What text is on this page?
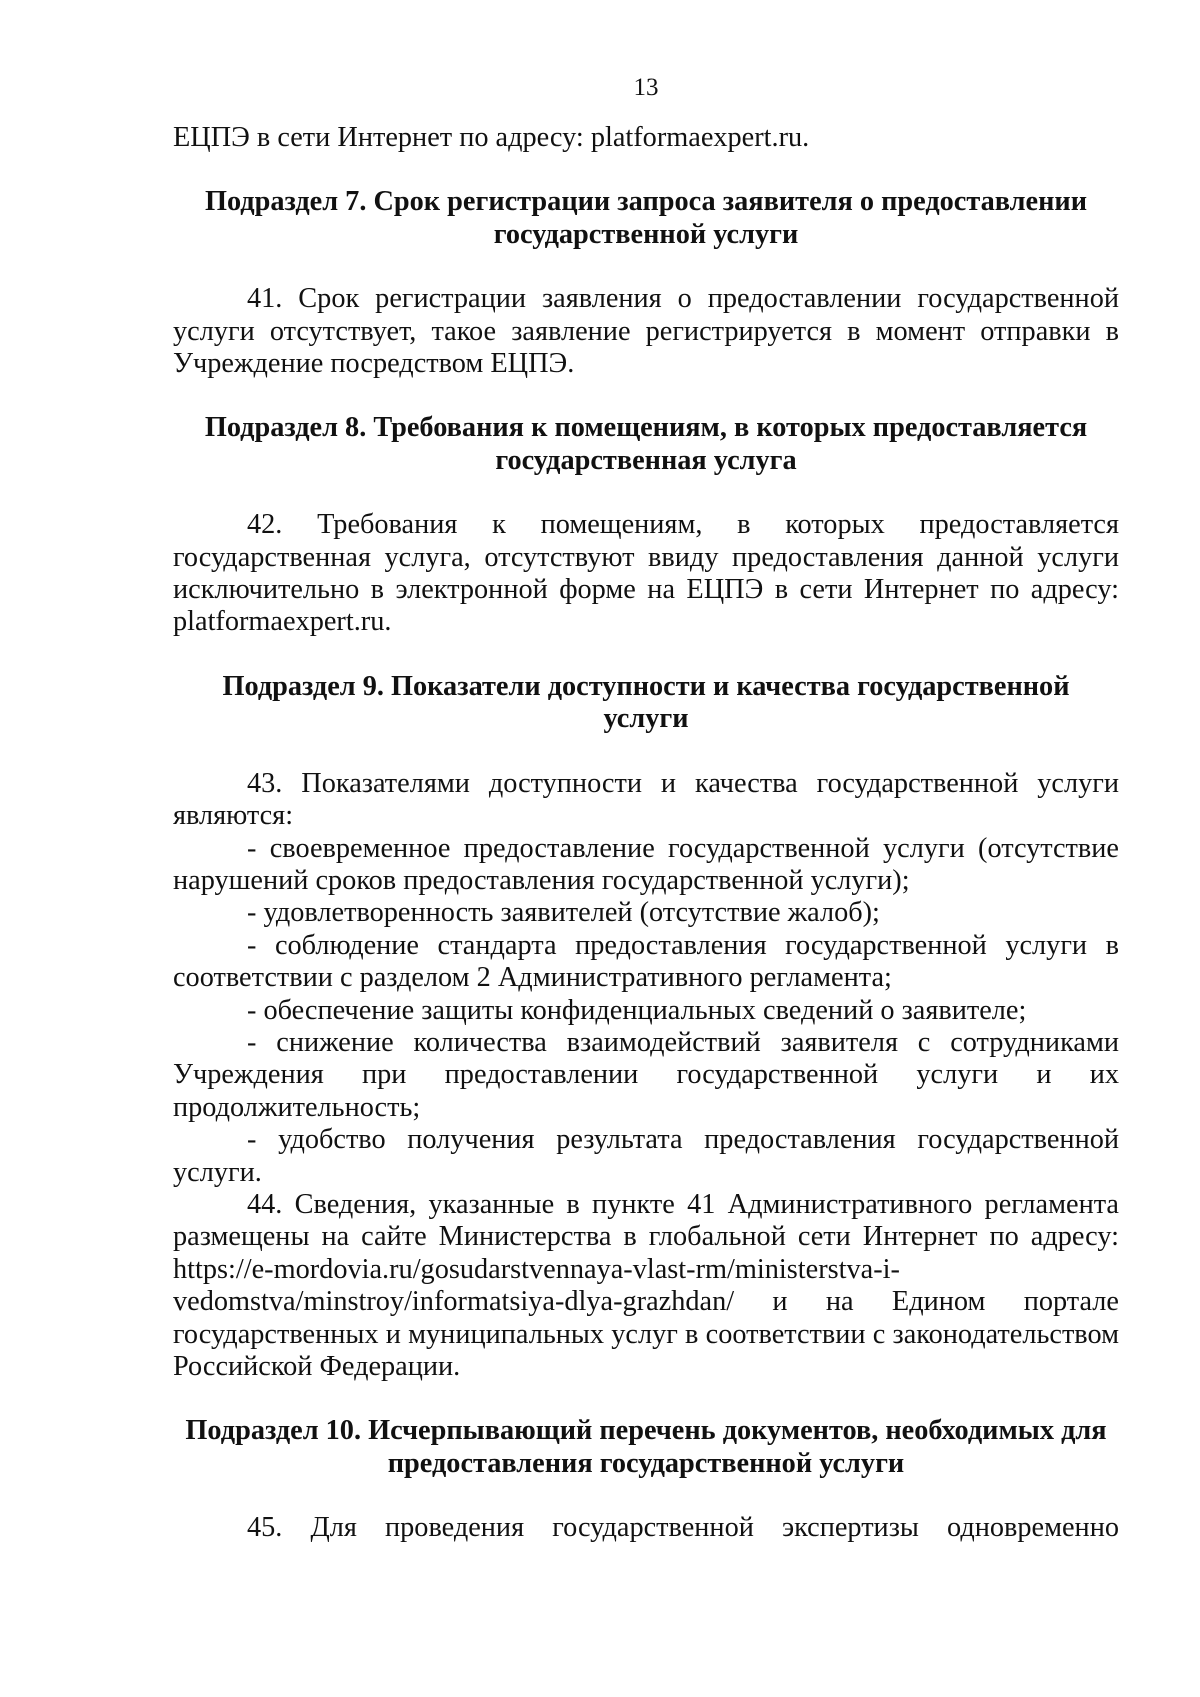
13

ЕЦПЭ в сети Интернет по адресу: platformaexpert.ru.

Подраздел 7. Срок регистрации запроса заявителя о предоставлении

государственной услуги

41. Срок регистрации заявления о предоставлении государственной услуги отсутствует, такое заявление регистрируется в момент отправки в Учреждение посредством ЕЦПЭ.

Подраздел 8. Требования к помещениям, в которых предоставляется

государственная услуга

42. Требования к помещениям, в которых предоставляется государственная услуга, отсутствуют ввиду предоставления данной услуги исключительно в электронной форме на ЕЦПЭ в сети Интернет по адресу: platformaexpert.ru.

Подраздел 9. Показатели доступности и качества государственной

услуги

43. Показателями доступности и качества государственной услуги являются:

- своевременное предоставление государственной услуги (отсутствие нарушений сроков предоставления государственной услуги);

- удовлетворенность заявителей (отсутствие жалоб);

- соблюдение стандарта предоставления государственной услуги в соответствии с разделом 2 Административного регламента;

- обеспечение защиты конфиденциальных сведений о заявителе;

- снижение количества взаимодействий заявителя с сотрудниками Учреждения при предоставлении государственной услуги и их продолжительность;

- удобство получения результата предоставления государственной услуги.

44. Сведения, указанные в пункте 41 Административного регламента размещены на сайте Министерства в глобальной сети Интернет по адресу:

https://e-mordovia.ru/gosudarstvennaya-vlast-rm/ministerstva-i-

vedomstva/minstroy/informatsiya-dlya-grazhdan/ и на Едином портале

государственных и муниципальных услуг в соответствии с законодательством Российской Федерации.

Подраздел 10. Исчерпывающий перечень документов, необходимых для

предоставления государственной услуги

45. Для проведения государственной экспертизы одновременно
